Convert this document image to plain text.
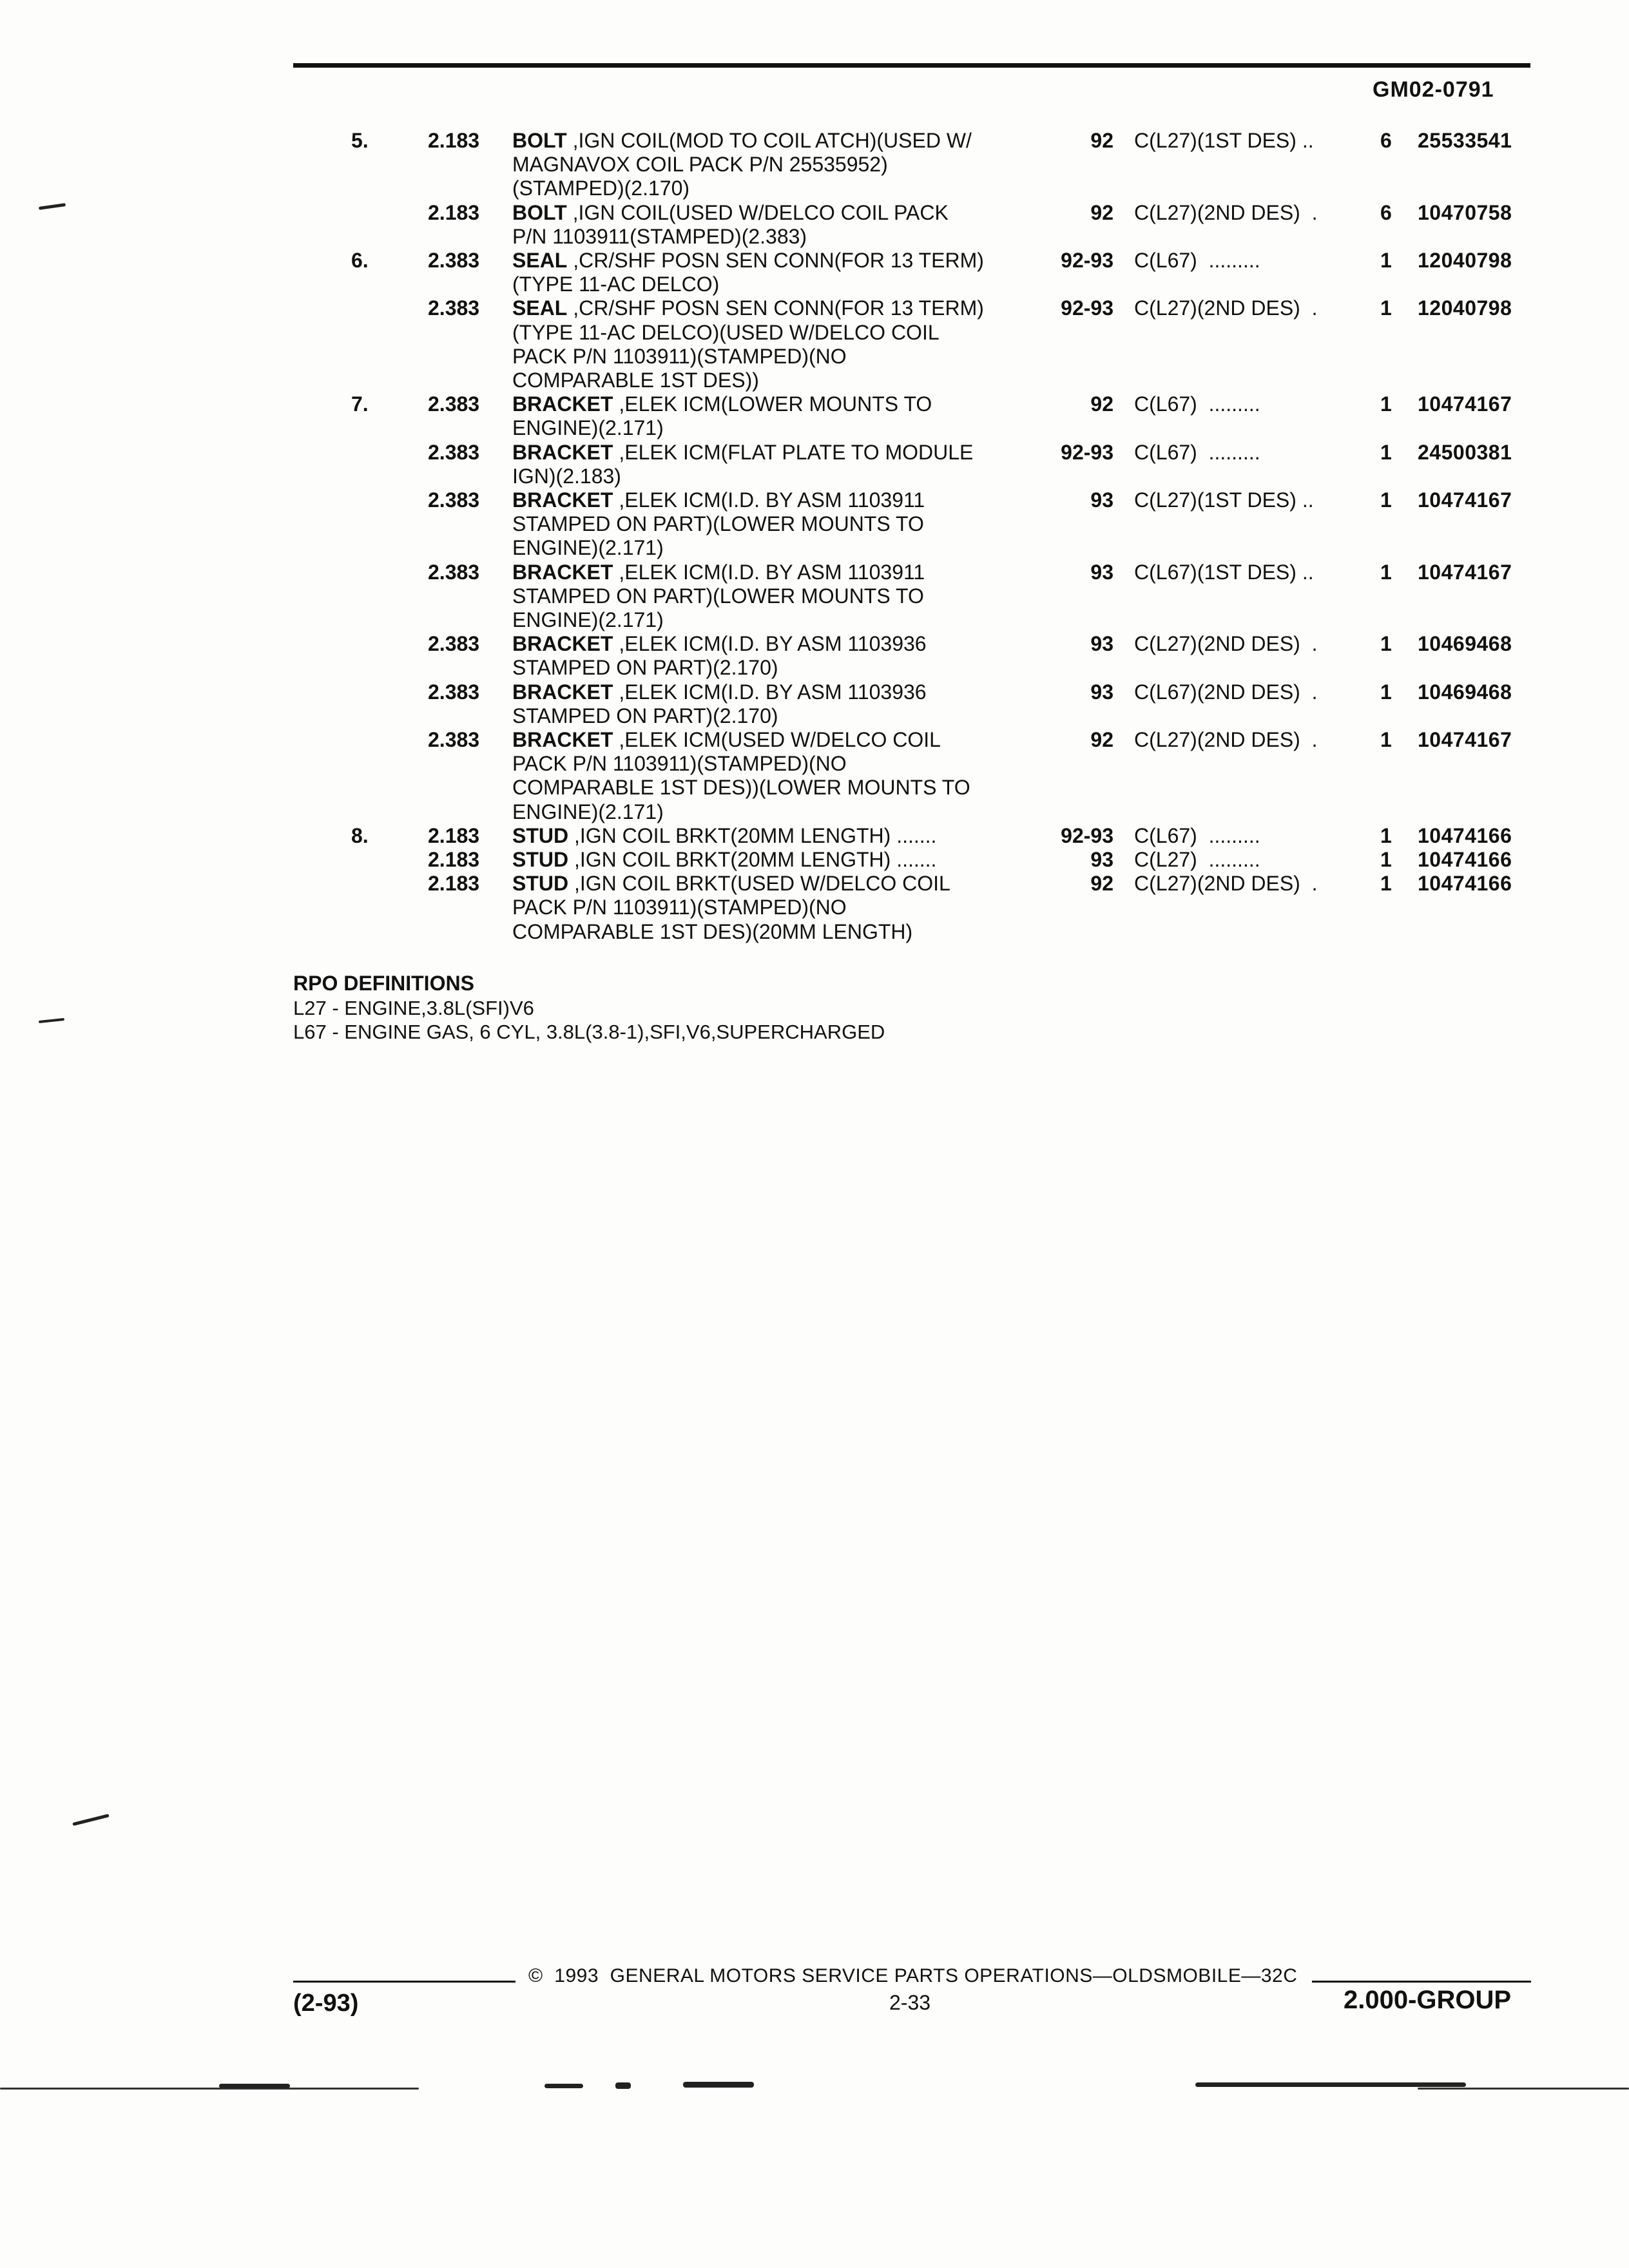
GM02-0791
5.	2.183 BOLT ,IGN COIL(MOD TO COIL ATCH)(USED W/
MAGNAVOX COIL PACK P/N 25535952)
(STAMPED)(2.170)
92 C(L27)(1ST DES) ..	6 25533541
2.183 BOLT ,IGN COIL(USED W/DELCO COIL PACK
P/N 1103911(STAMPED)(2.383)
92 C(L27)(2ND DES)  .	6 10470758
6.	2.383 SEAL ,CR/SHF POSN SEN CONN(FOR 13 TERM)
(TYPE 11-AC DELCO)
92-93 C(L67)  .........	1 12040798
2.383 SEAL ,CR/SHF POSN SEN CONN(FOR 13 TERM)
(TYPE 11-AC DELCO)(USED W/DELCO COIL
PACK P/N 1103911)(STAMPED)(NO
COMPARABLE 1ST DES))
92-93 C(L27)(2ND DES)  .	1 12040798
7.	2.383 BRACKET ,ELEK ICM(LOWER MOUNTS TO
ENGINE)(2.171)
92 C(L67)  .........	1 10474167
2.383 BRACKET ,ELEK ICM(FLAT PLATE TO MODULE
IGN)(2.183)
92-93 C(L67)  .........	1 24500381
2.383 BRACKET ,ELEK ICM(I.D. BY ASM 1103911
STAMPED ON PART)(LOWER MOUNTS TO
ENGINE)(2.171)
93 C(L27)(1ST DES) ..	1 10474167
2.383 BRACKET ,ELEK ICM(I.D. BY ASM 1103911
STAMPED ON PART)(LOWER MOUNTS TO
ENGINE)(2.171)
93 C(L67)(1ST DES) ..	1 10474167
2.383 BRACKET ,ELEK ICM(I.D. BY ASM 1103936
STAMPED ON PART)(2.170)
93 C(L27)(2ND DES)  .	1 10469468
2.383 BRACKET ,ELEK ICM(I.D. BY ASM 1103936
STAMPED ON PART)(2.170)
93 C(L67)(2ND DES)  .	1 10469468
2.383 BRACKET ,ELEK ICM(USED W/DELCO COIL
PACK P/N 1103911)(STAMPED)(NO
COMPARABLE 1ST DES))(LOWER MOUNTS TO
ENGINE)(2.171)
92 C(L27)(2ND DES)  .	1 10474167
8.	2.183 STUD ,IGN COIL BRKT(20MM LENGTH) .......	92-93 C(L67)  .........	1 10474166
2.183 STUD ,IGN COIL BRKT(20MM LENGTH) .......	93 C(L27)  .........	1 10474166
2.183 STUD ,IGN COIL BRKT(USED W/DELCO COIL
PACK P/N 1103911)(STAMPED)(NO
COMPARABLE 1ST DES)(20MM LENGTH)
92 C(L27)(2ND DES)  .	1 10474166
RPO DEFINITIONS
L27 - ENGINE,3.8L(SFI)V6
L67 - ENGINE GAS, 6 CYL, 3.8L(3.8-1),SFI,V6,SUPERCHARGED
©  1993  GENERAL MOTORS SERVICE PARTS OPERATIONS—OLDSMOBILE—32C
(2-93)	2-33	2.000-GROUP
